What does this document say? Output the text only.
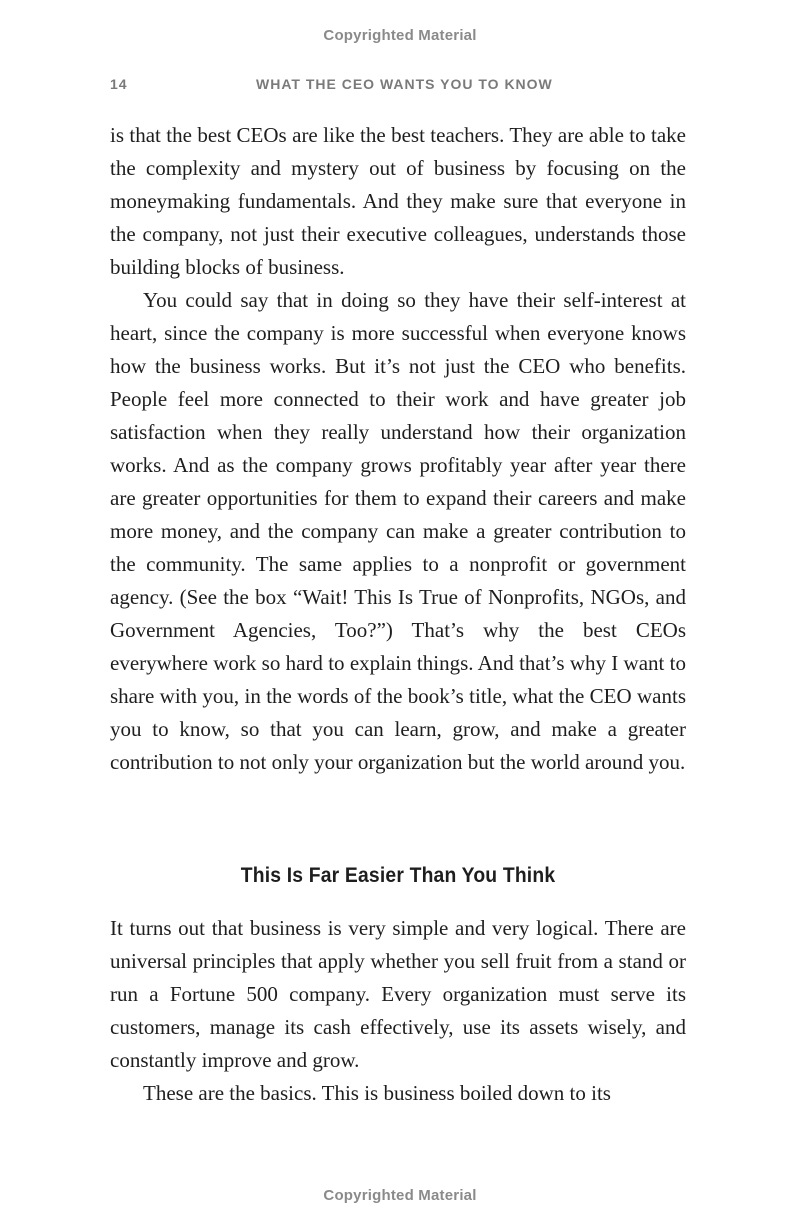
Copyrighted Material
14	WHAT THE CEO WANTS YOU TO KNOW

is that the best CEOs are like the best teachers. They are able to take the complexity and mystery out of business by focusing on the moneymaking fundamentals. And they make sure that everyone in the company, not just their executive colleagues, understands those building blocks of business.

You could say that in doing so they have their self-interest at heart, since the company is more successful when everyone knows how the business works. But it’s not just the CEO who benefits. People feel more connected to their work and have greater job satisfaction when they really understand how their organization works. And as the company grows profitably year after year there are greater opportunities for them to expand their careers and make more money, and the company can make a greater contribution to the community. The same applies to a nonprofit or government agency. (See the box “Wait! This Is True of Nonprofits, NGOs, and Government Agencies, Too?”) That’s why the best CEOs everywhere work so hard to explain things. And that’s why I want to share with you, in the words of the book’s title, what the CEO wants you to know, so that you can learn, grow, and make a greater contribution to not only your organization but the world around you.

This Is Far Easier Than You Think

It turns out that business is very simple and very logical. There are universal principles that apply whether you sell fruit from a stand or run a Fortune 500 company. Every organization must serve its customers, manage its cash effectively, use its assets wisely, and constantly improve and grow.

These are the basics. This is business boiled down to its

Copyrighted Material
